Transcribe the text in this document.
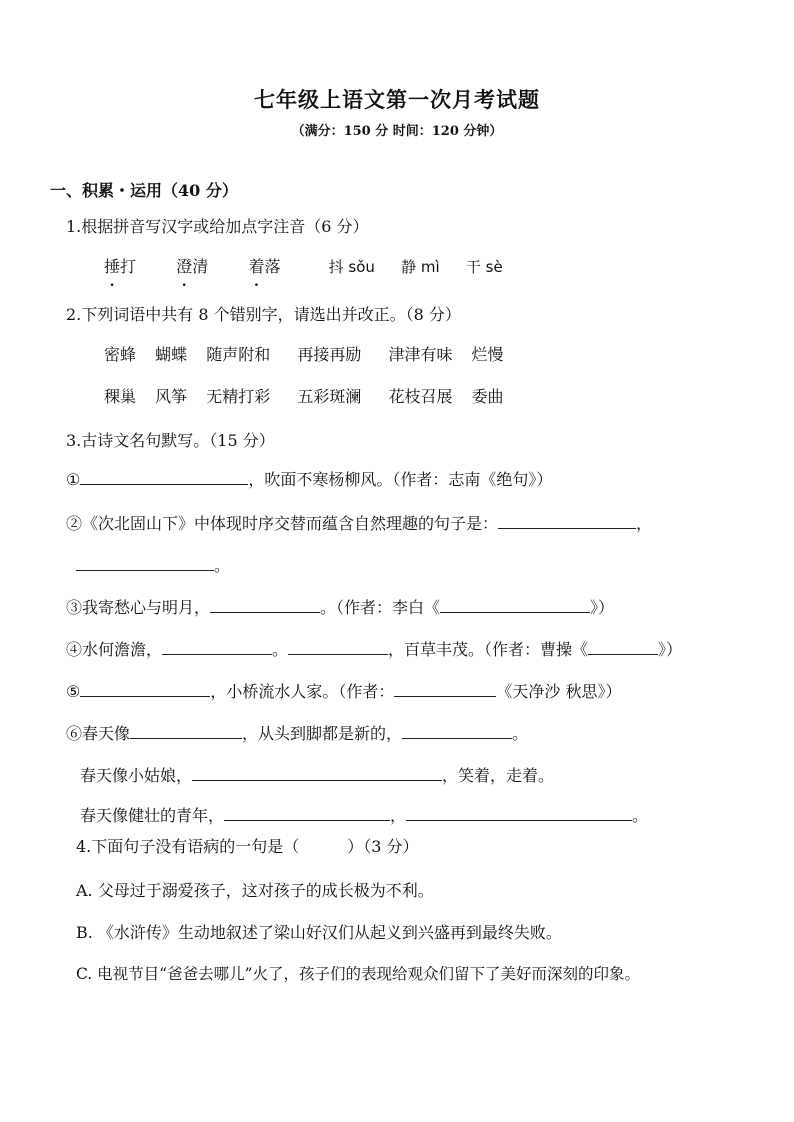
七年级上语文第一次月考试题
（满分：150 分 时间：120 分钟）
一、积累・运用（40 分）
1.根据拼音写汉字或给加点字注音（6 分）
捶打	澄清	着落	抖 sǒu 静 mì 干 sè
2.下列词语中共有 8 个错别字，请选出并改正。（8 分）
密蜂 蝴蝶 随声附和 再接再励 津津有味 烂慢
稞巢 风筝 无精打彩 五彩斑澜 花枝召展 委曲
3.古诗文名句默写。（15 分）
①	，吹面不寒杨柳风。（作者：志南《绝句》）
②《次北固山下》中体现时序交替而蕴含自然理趣的句子是：	，
。
③我寄愁心与明月，	。（作者：李白《	》）
④水何澹澹，	。	，百草丰茂。（作者：曹操《	》）
⑤	，小桥流水人家。（作者：	《天净沙 秋思》）
⑥春天像	，从头到脚都是新的，	。
春天像小姑娘，	，笑着，走着。
春天像健壮的青年，	，	。
4.下面句子没有语病的一句是（　　　）（3 分）
A. 父母过于溺爱孩子，这对孩子的成长极为不利。
B. 《水浒传》生动地叙述了梁山好汉们从起义到兴盛再到最终失败。
C. 电视节目“爸爸去哪儿”火了，孩子们的表现给观众们留下了美好而深刻的印象。
